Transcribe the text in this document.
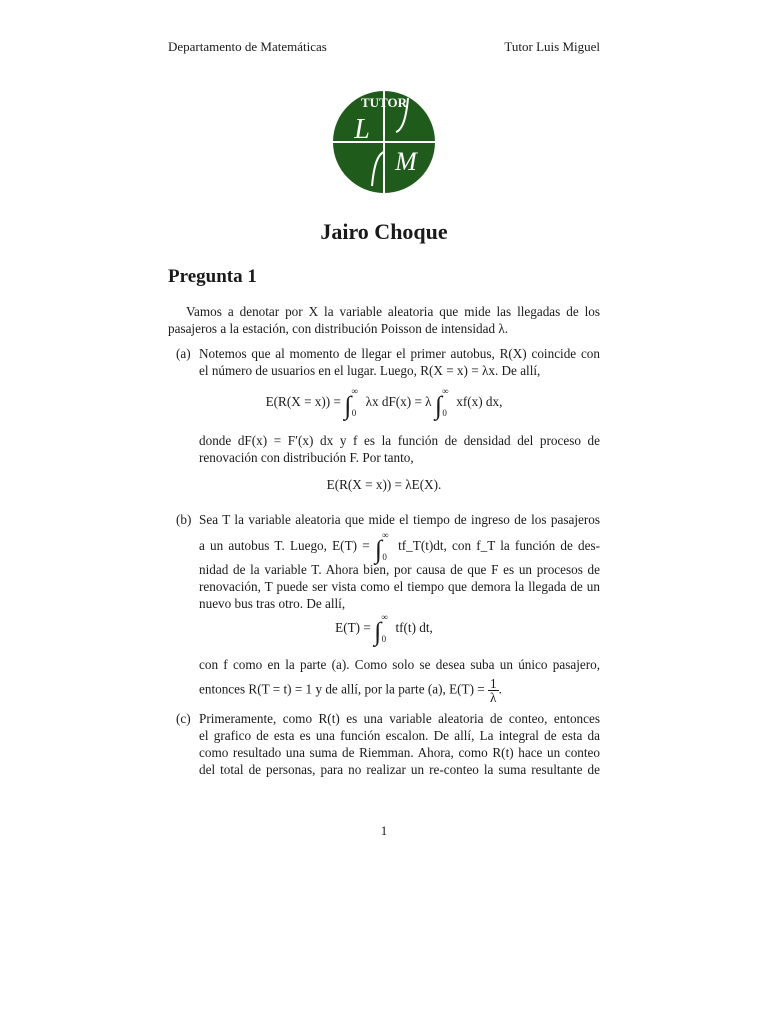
Departamento de Matemáticas	Tutor Luis Miguel
TUTOR
L
M
Jairo Choque
Pregunta 1
Vamos a denotar por X la variable aleatoria que mide las llegadas de los
pasajeros a la estación, con distribución Poisson de intensidad λ.
(a) Notemos que al momento de llegar el primer autobus, R(X) coincide con
el número de usuarios en el lugar. Luego, R(X = x) = λx. De allí,
$E(R(X = x)) = \int^\infty_0$ λx dF(x) = λ $\int^\infty_0$ xf(x) dx,
donde dF(x) = F′(x) dx y f es la función de densidad del proceso de
renovación con distribución F. Por tanto,
E(R(X = x)) = λE(X).
(b) Sea T la variable aleatoria que mide el tiempo de ingreso de los pasajeros
a un autobus T. Luego, $E(T) = \int^\infty_0$ tf_T(t)dt, con f_T la función de des-
nidad de la variable T. Ahora bien, por causa de que F es un procesos de
renovación, T puede ser vista como el tiempo que demora la llegada de un
nuevo bus tras otro. De allí,
$E(T) = \int^\infty_0$ tf(t) dt,
con f como en la parte (a). Como solo se desea suba un único pasajero,
entonces R(T = t) = 1 y de allí, por la parte (a), $E(T) = \frac{1}{\lambda}$ .
(c) Primeramente, como R(t) es una variable aleatoria de conteo, entonces
el grafico de esta es una función escalon. De allí, La integral de esta da
como resultado una suma de Riemman. Ahora, como R(t) hace un conteo
del total de personas, para no realizar un re-conteo la suma resultante de
1
